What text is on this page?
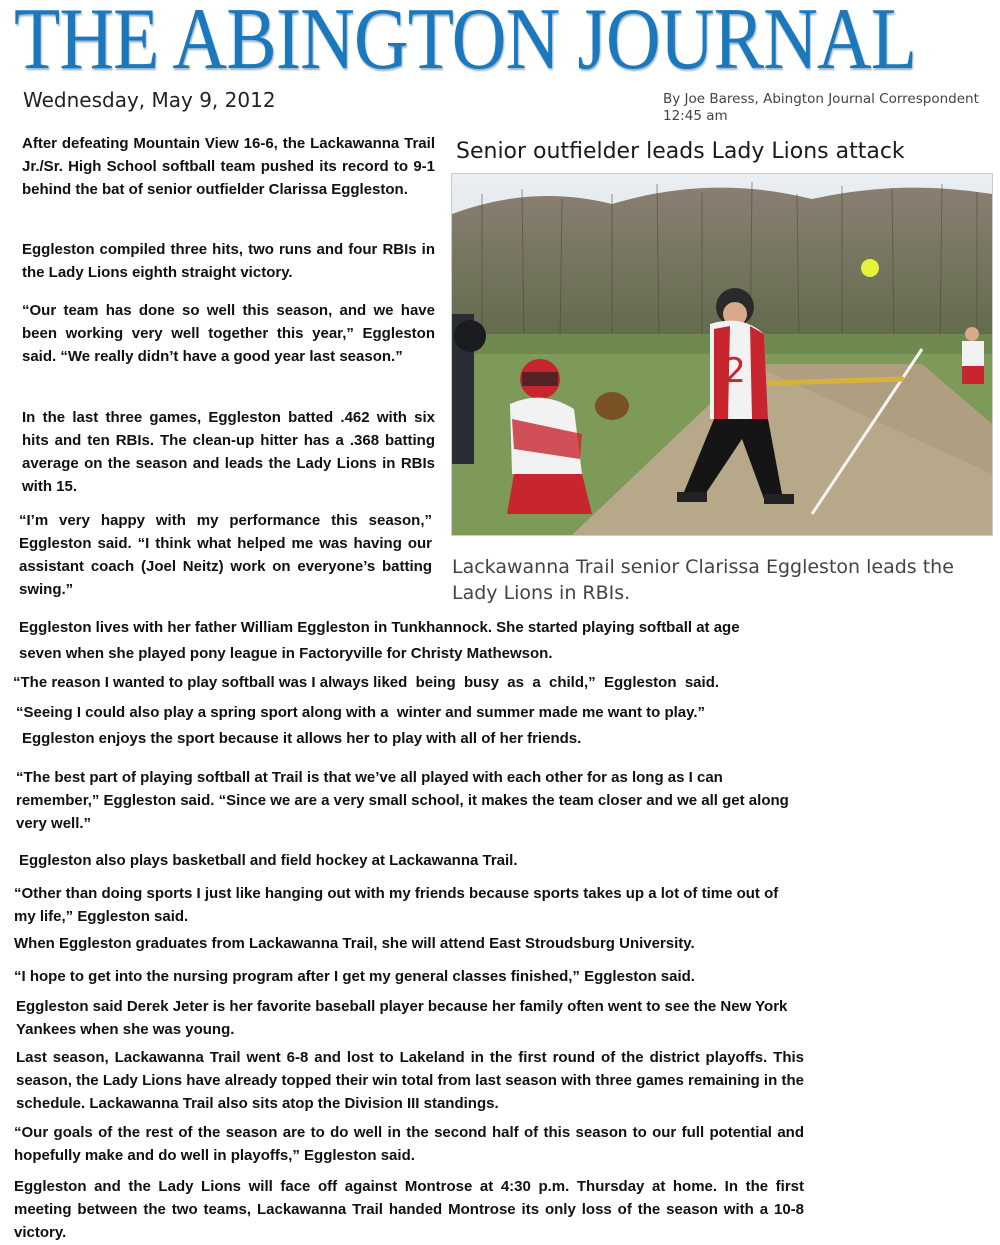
THE ABINGTON JOURNAL
Wednesday, May 9, 2012	By Joe Baress, Abington Journal Correspondent
12:45 am

After defeating Mountain View 16-6, the Lackawanna Trail Jr./Sr. High School softball team pushed its record to 9-1 behind the bat of senior outfielder Clarissa Eggleston.

Eggleston compiled three hits, two runs and four RBIs in the Lady Lions eighth straight victory.

“Our team has done so well this season, and we have been working very well together this year,” Eggleston said. “We really didn’t have a good year last season.”

In the last three games, Eggleston batted .462 with six hits and ten RBIs. The clean-up hitter has a .368 batting average on the season and leads the Lady Lions in RBIs with 15.

“I’m very happy with my performance this season,” Eggleston said. “I think what helped me was having our assistant coach (Joel Neitz) work on everyone’s batting swing.”

Senior outfielder leads Lady Lions attack
2
Lackawanna Trail senior Clarissa Eggleston leads the Lady Lions in RBIs.

Eggleston lives with her father William Eggleston in Tunkhannock. She started playing softball at age

seven when she played pony league in Factoryville for Christy Mathewson.

“The reason I wanted to play softball was I always liked  being  busy  as  a  child,”  Eggleston  said.

“Seeing I could also play a spring sport along with a winter and summer made me want to play.”

Eggleston enjoys the sport because it allows her to play with all of her friends.

“The best part of playing softball at Trail is that we’ve all played with each other for as long as I can remember,” Eggleston said. “Since we are a very small school, it makes the team closer and we all get along very well.”

Eggleston also plays basketball and field hockey at Lackawanna Trail.

“Other than doing sports I just like hanging out with my friends because sports takes up a lot of time out of my life,” Eggleston said.

When Eggleston graduates from Lackawanna Trail, she will attend East Stroudsburg University.

“I hope to get into the nursing program after I get my general classes finished,” Eggleston said.

Eggleston said Derek Jeter is her favorite baseball player because her family often went to see the New York Yankees when she was young.

Last season, Lackawanna Trail went 6-8 and lost to Lakeland in the first round of the district playoffs. This season, the Lady Lions have already topped their win total from last season with three games remaining in the schedule. Lackawanna Trail also sits atop the Division III standings.

“Our goals of the rest of the season are to do well in the second half of this season to our full potential and hopefully make and do well in playoffs,” Eggleston said.

Eggleston and the Lady Lions will face off against Montrose at 4:30 p.m. Thursday at home. In the first meeting between the two teams, Lackawanna Trail handed Montrose its only loss of the season with a 10-8 victory.
